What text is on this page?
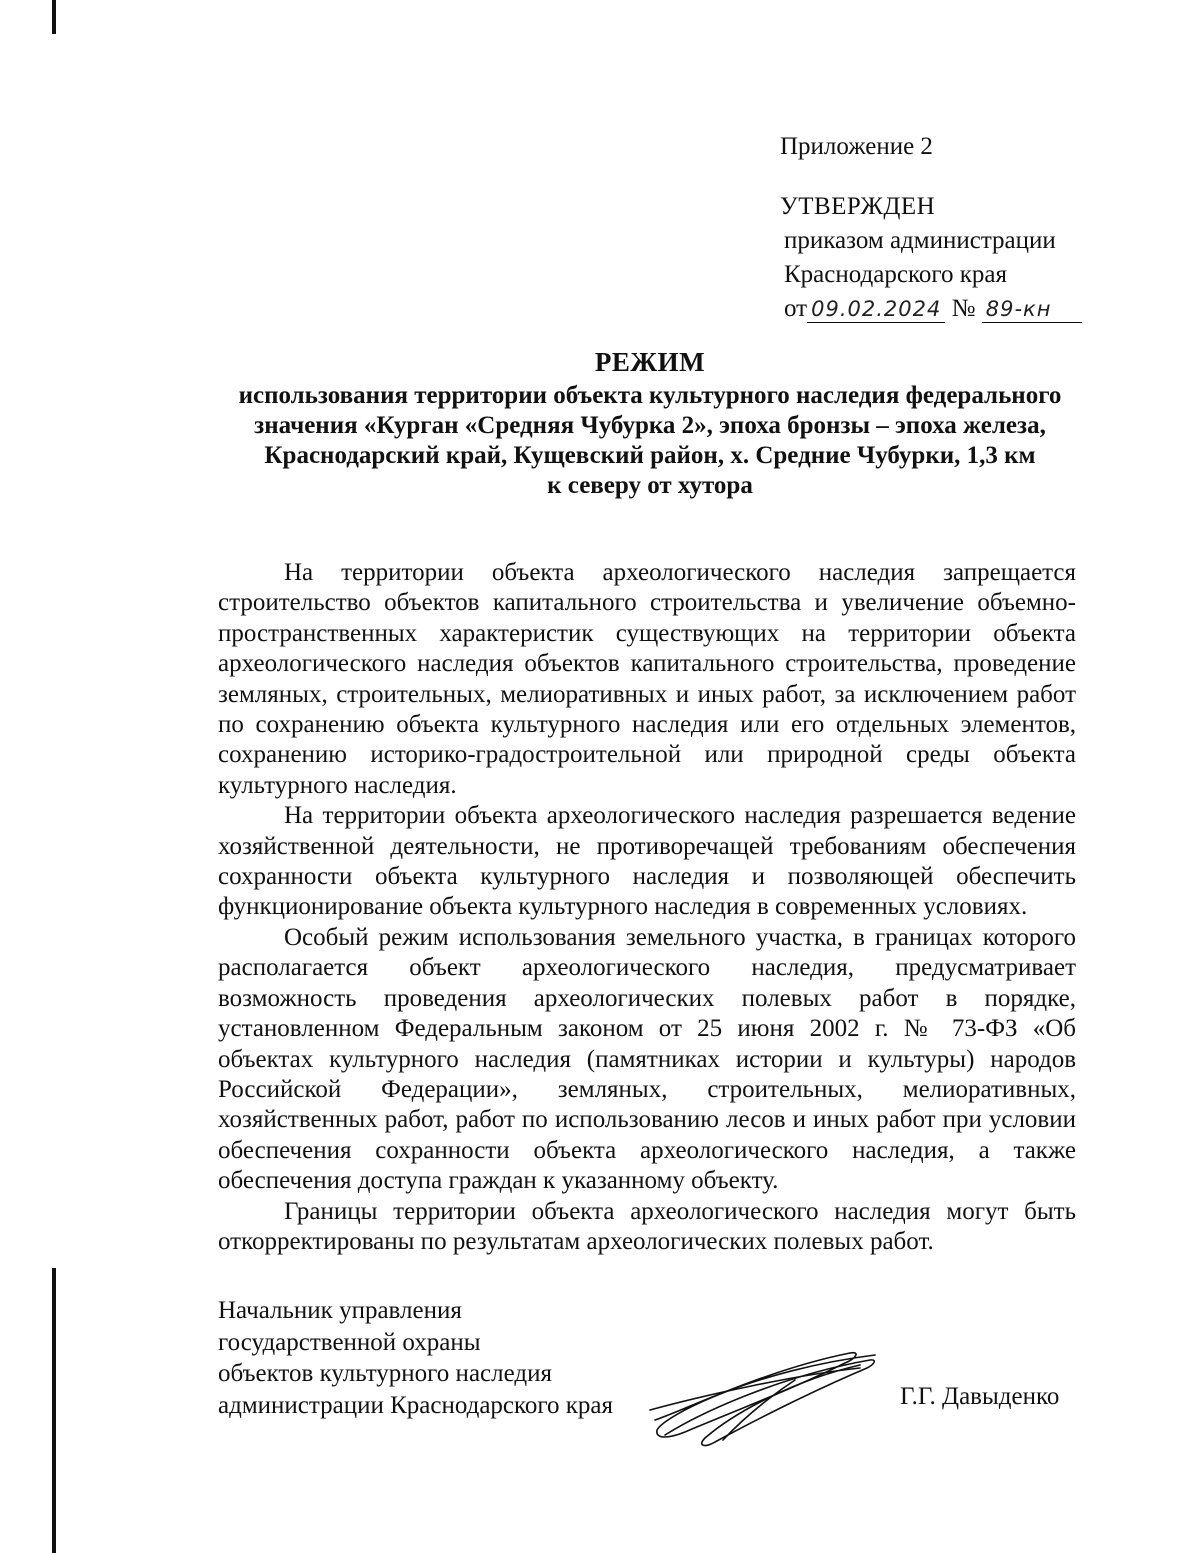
Приложение 2
УТВЕРЖДЕН
приказом администрации
Краснодарского края
от 09.02.2024 № 89-кн
РЕЖИМ
использования территории объекта культурного наследия федерального
значения «Курган «Средняя Чубурка 2», эпоха бронзы – эпоха железа,
Краснодарский край, Кущевский район, х. Средние Чубурки, 1,3 км
к северу от хутора

На территории объекта археологического наследия запрещается строительство объектов капитального строительства и увеличение объемно-пространственных характеристик существующих на территории объекта археологического наследия объектов капитального строительства, проведение земляных, строительных, мелиоративных и иных работ, за исключением работ по сохранению объекта культурного наследия или его отдельных элементов, сохранению историко-градостроительной или природной среды объекта культурного наследия.

На территории объекта археологического наследия разрешается ведение хозяйственной деятельности, не противоречащей требованиям обеспечения сохранности объекта культурного наследия и позволяющей обеспечить функционирование объекта культурного наследия в современных условиях.

Особый режим использования земельного участка, в границах которого располагается объект археологического наследия, предусматривает возможность проведения археологических полевых работ в порядке, установленном Федеральным законом от 25 июня 2002 г. № 73-ФЗ «Об объектах культурного наследия (памятниках истории и культуры) народов Российской Федерации», земляных, строительных, мелиоративных, хозяйственных работ, работ по использованию лесов и иных работ при условии обеспечения сохранности объекта археологического наследия, а также обеспечения доступа граждан к указанному объекту.

Границы территории объекта археологического наследия могут быть откорректированы по результатам археологических полевых работ.

Начальник управления
государственной охраны
объектов культурного наследия
администрации Краснодарского края	Г.Г. Давыденко
